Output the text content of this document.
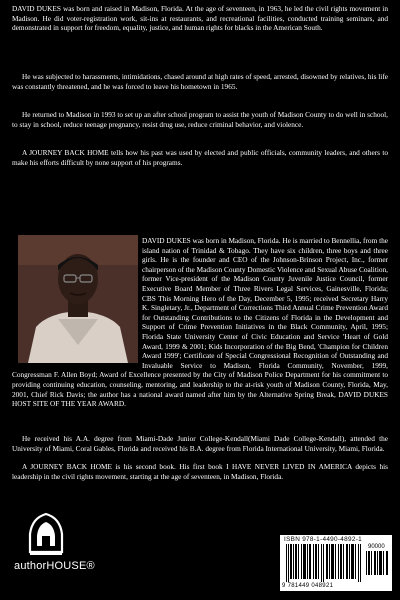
DAVID DUKES was born and raised in Madison, Florida. At the age of seventeen, in 1963, he led the civil rights movement in Madison. He did voter-registration work, sit-ins at restaurants, and recreational facilities, conducted training seminars, and demonstrated in support for freedom, equality, justice, and human rights for blacks in the American South.

He was subjected to harassments, intimidations, chased around at high rates of speed, arrested, disowned by relatives, his life was constantly threatened, and he was forced to leave his hometown in 1965.

He returned to Madison in 1993 to set up an after school program to assist the youth of Madison County to do well in school, to stay in school, reduce teenage pregnancy, resist drug use, reduce criminal behavior, and violence.

A JOURNEY BACK HOME tells how his past was used by elected and public officials, community leaders, and others to make his efforts difficult by none support of his programs.

DAVID DUKES was born in Madison, Florida. He is married to Bennellia, from the island nation of Trinidad & Tobago. They have six children, three boys and three girls. He is the founder and CEO of the Johnson-Brinson Project, Inc., former chairperson of the Madison County Domestic Violence and Sexual Abuse Coalition, former Vice-president of the Madison County Juvenile Justice Council, former Executive Board Member of Three Rivers Legal Services, Gainesville, Florida; CBS This Morning Hero of the Day, December 5, 1995; received Secretary Harry K. Singletary, Jr., Department of Corrections Third Annual Crime Prevention Award for Outstanding Contributions to the Citizens of Florida in the Development and Support of Crime Prevention Initiatives in the Black Community, April, 1995; Florida State University Center of Civic Education and Service 'Heart of Gold Award, 1999 & 2001; Kids Incorporation of the Big Bend, 'Champion for Children Award 1999'; Certificate of Special Congressional Recognition of Outstanding and Invaluable Service to Madison, Florida Community, November, 1999, Congressman F. Allen Boyd; Award of Excellence presented by the City of Madison Police Department for his commitment to providing continuing education, counseling, mentoring, and leadership to the at-risk youth of Madison County, Florida, May, 2001, Chief Rick Davis; the author has a national award named after him by the Alternative Spring Break, DAVID DUKES HOST SITE OF THE YEAR AWARD.

He received his A.A. degree from Miami-Dade Junior College-Kendall(Miami Dade College-Kendall), attended the University of Miami, Coral Gables, Florida and received his B.A. degree from Florida International University, Miami, Florida.

A JOURNEY BACK HOME is his second book. His first book I HAVE NEVER LIVED IN AMERICA depicts his leadership in the civil rights movement, starting at the age of seventeen, in Madison, Florida.

authorHOUSE®
ISBN 978-1-4490-4892-1
90000
9 781449 048921
